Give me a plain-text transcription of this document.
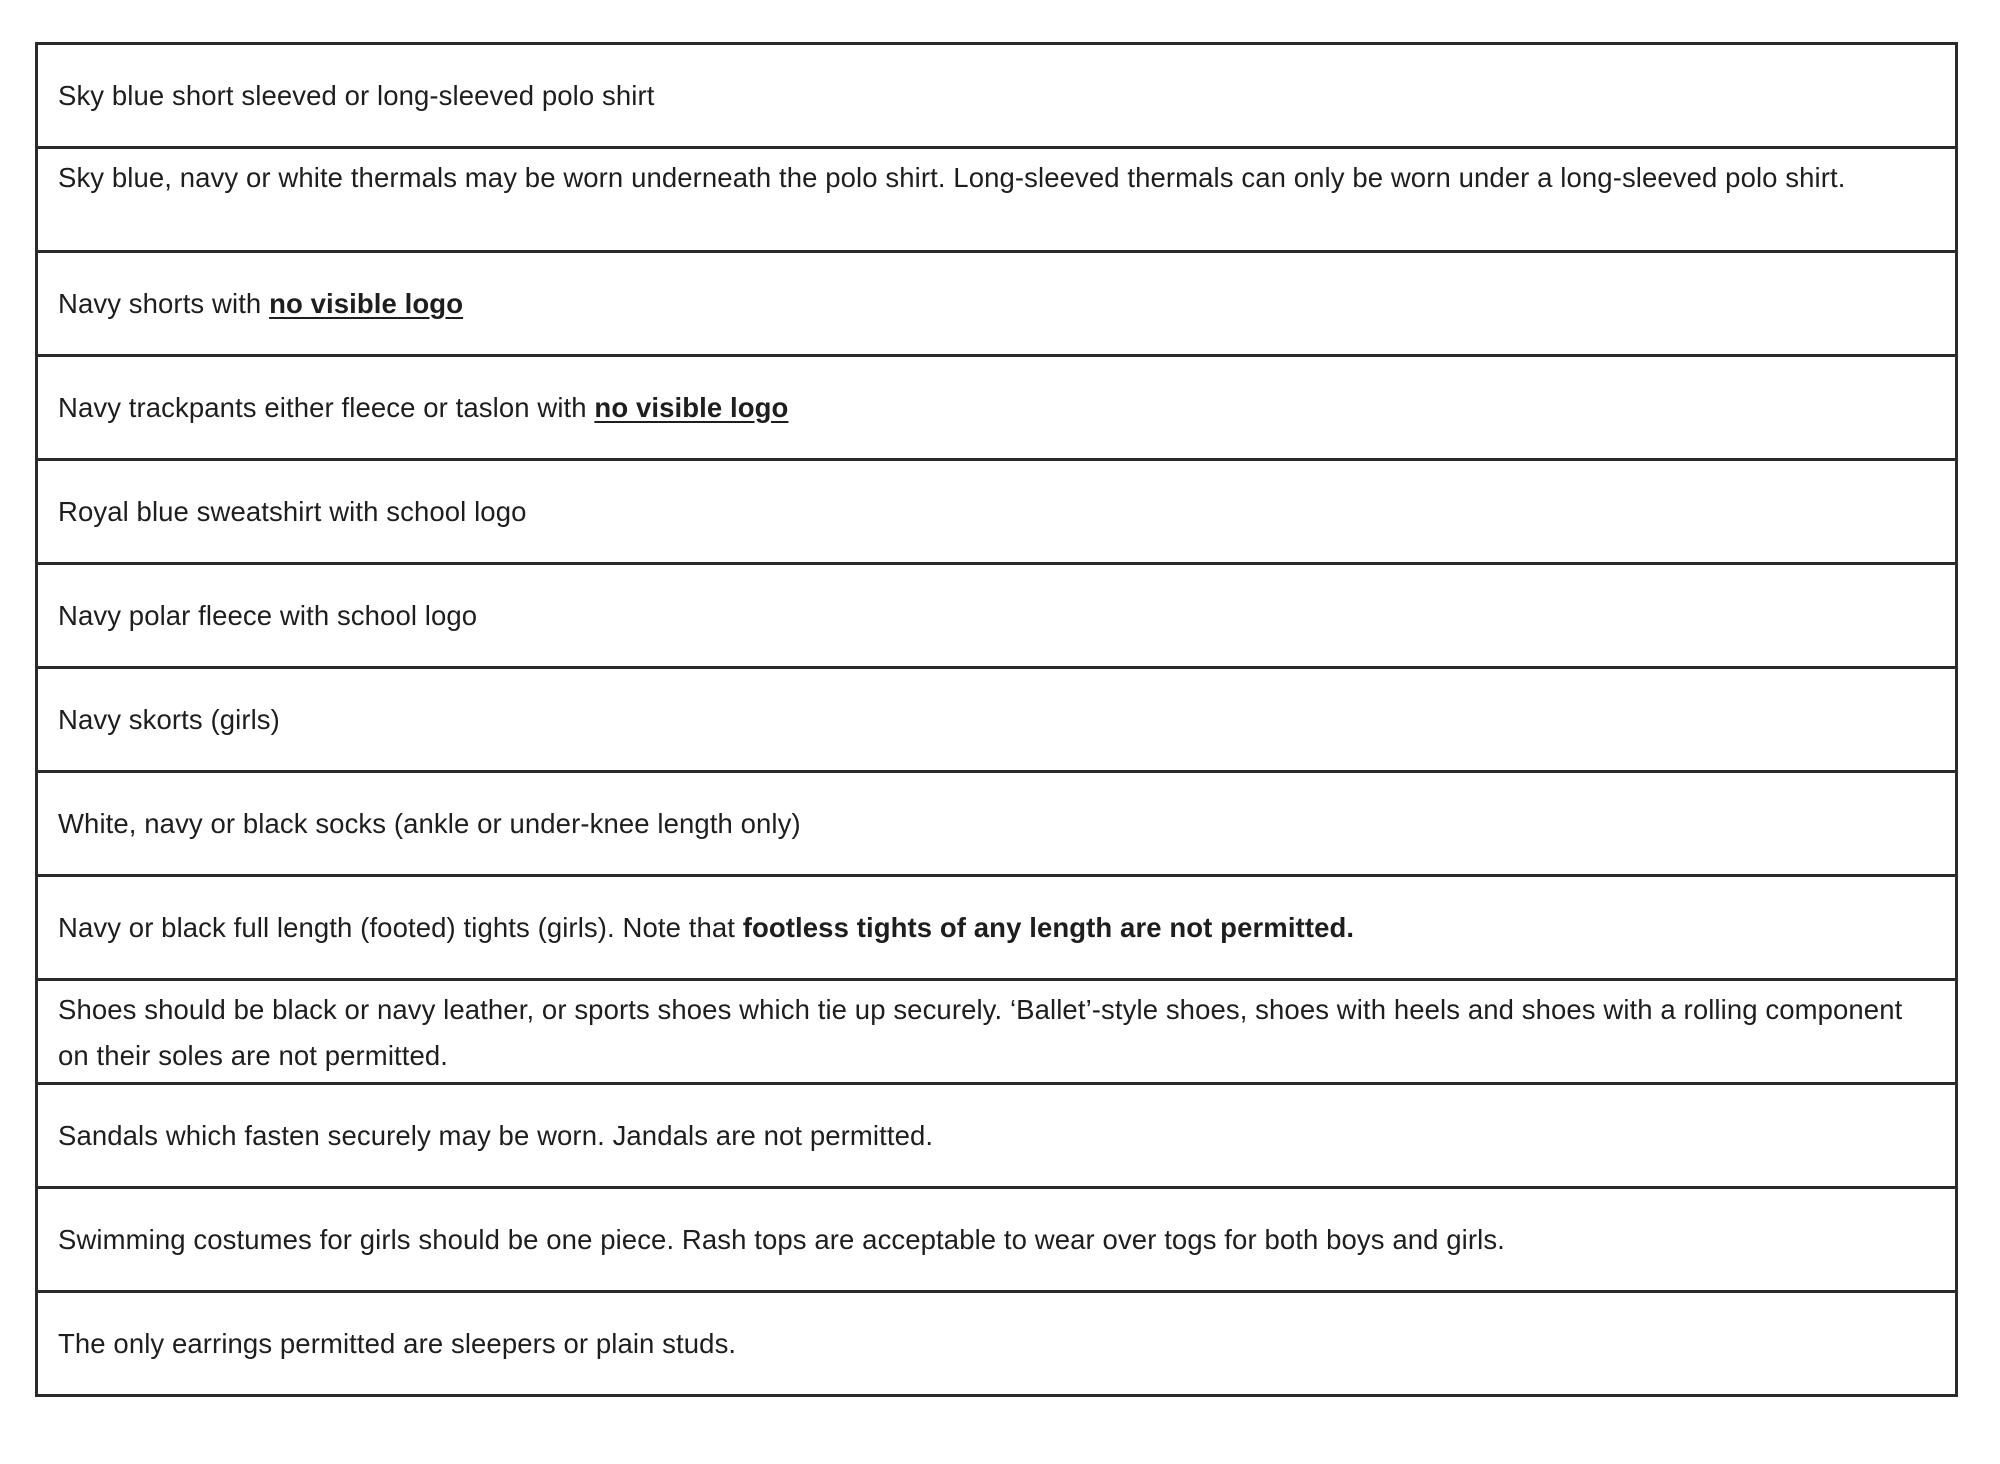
Sky blue short sleeved or long-sleeved polo shirt
Sky blue, navy or white thermals may be worn underneath the polo shirt. Long-sleeved thermals can only be worn under a long-sleeved polo shirt.
Navy shorts with no visible logo
Navy trackpants either fleece or taslon with no visible logo
Royal blue sweatshirt with school logo
Navy polar fleece with school logo
Navy skorts (girls)
White, navy or black socks (ankle or under-knee length only)
Navy or black full length (footed) tights (girls). Note that footless tights of any length are not permitted.
Shoes should be black or navy leather, or sports shoes which tie up securely. ‘Ballet’-style shoes, shoes with heels and shoes with a rolling component on their soles are not permitted.
Sandals which fasten securely may be worn. Jandals are not permitted.
Swimming costumes for girls should be one piece. Rash tops are acceptable to wear over togs for both boys and girls.
The only earrings permitted are sleepers or plain studs.
